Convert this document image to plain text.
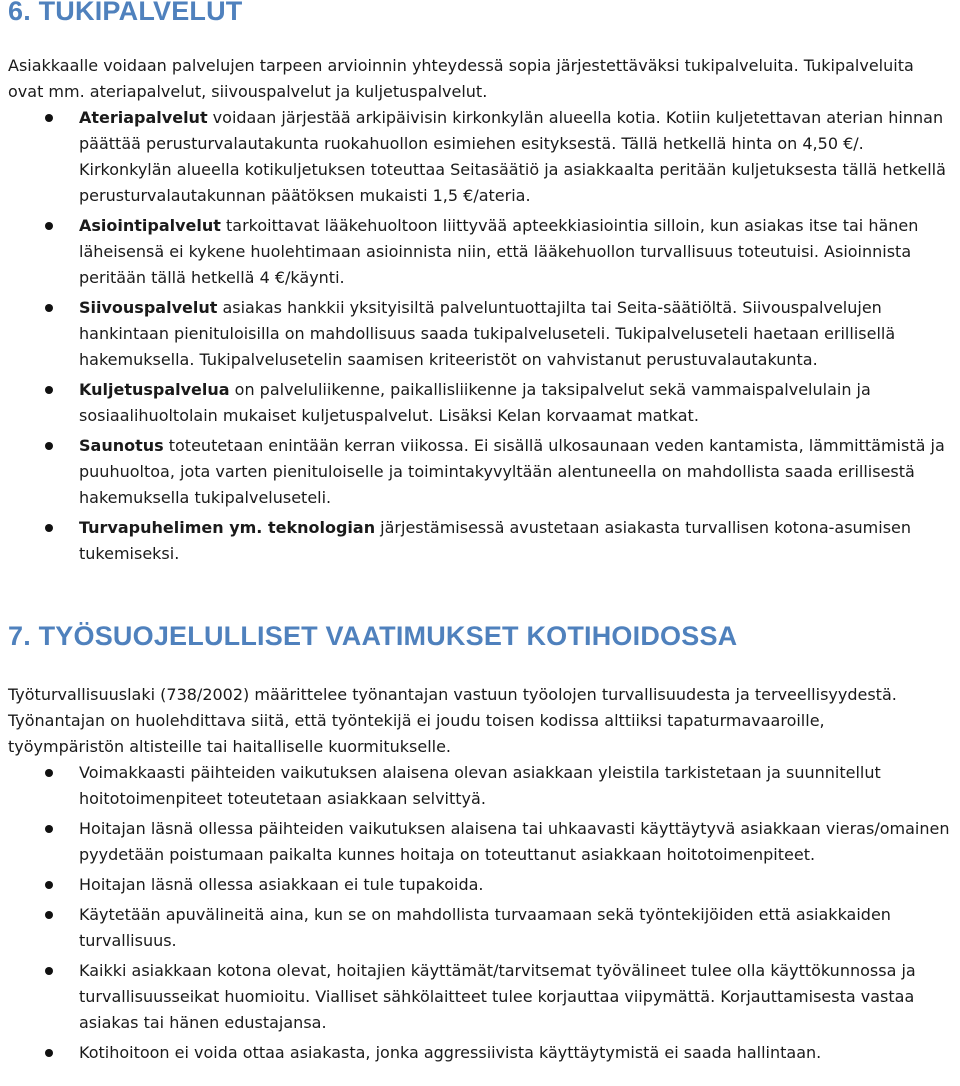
6. TUKIPALVELUT

Asiakkaalle voidaan palvelujen tarpeen arvioinnin yhteydessä sopia järjestettäväksi tukipalveluita. Tukipalveluita ovat mm. ateriapalvelut, siivouspalvelut ja kuljetuspalvelut.

Ateriapalvelut voidaan järjestää arkipäivisin kirkonkylän alueella kotia. Kotiin kuljetettavan aterian hinnan päättää perusturvalautakunta ruokahuollon esimiehen esityksestä. Tällä hetkellä hinta on 4,50 €/. Kirkonkylän alueella kotikuljetuksen toteuttaa Seitasäätiö ja asiakkaalta peritään kuljetuksesta tällä hetkellä perusturvalautakunnan päätöksen mukaisti 1,5 €/ateria.
Asiointipalvelut tarkoittavat lääkehuoltoon liittyvää apteekkiasiointia silloin, kun asiakas itse tai hänen läheisensä ei kykene huolehtimaan asioinnista niin, että lääkehuollon turvallisuus toteutuisi. Asioinnista peritään tällä hetkellä 4 €/käynti.
Siivouspalvelut asiakas hankkii yksityisiltä palveluntuottajilta tai Seita-säätiöltä. Siivouspalvelujen hankintaan pienituloisilla on mahdollisuus saada tukipalveluseteli. Tukipalveluseteli haetaan erillisellä hakemuksella. Tukipalvelusetelin saamisen kriteeristöt on vahvistanut perustuvalautakunta.
Kuljetuspalvelua on palveluliikenne, paikallisliikenne ja taksipalvelut sekä vammaispalvelulain ja sosiaalihuoltolain mukaiset kuljetuspalvelut. Lisäksi Kelan korvaamat matkat.
Saunotus toteutetaan enintään kerran viikossa. Ei sisällä ulkosaunaan veden kantamista, lämmittämistä ja puuhuoltoa, jota varten pienituloiselle ja toimintakyvyltään alentuneella on mahdollista saada erillisestä hakemuksella tukipalveluseteli.
Turvapuhelimen ym. teknologian järjestämisessä avustetaan asiakasta turvallisen kotona-asumisen tukemiseksi.
7. TYÖSUOJELULLISET VAATIMUKSET KOTIHOIDOSSA

Työturvallisuuslaki (738/2002) määrittelee työnantajan vastuun työolojen turvallisuudesta ja terveellisyydestä. Työnantajan on huolehdittava siitä, että työntekijä ei joudu toisen kodissa alttiiksi tapaturmavaaroille, työympäristön altisteille tai haitalliselle kuormitukselle.

Voimakkaasti päihteiden vaikutuksen alaisena olevan asiakkaan yleistila tarkistetaan ja suunnitellut hoitotoimenpiteet toteutetaan asiakkaan selvittyä.
Hoitajan läsnä ollessa päihteiden vaikutuksen alaisena tai uhkaavasti käyttäytyvä asiakkaan vieras/omainen pyydetään poistumaan paikalta kunnes hoitaja on toteuttanut asiakkaan hoitotoimenpiteet.
Hoitajan läsnä ollessa asiakkaan ei tule tupakoida.
Käytetään apuvälineitä aina, kun se on mahdollista turvaamaan sekä työntekijöiden että asiakkaiden turvallisuus.
Kaikki asiakkaan kotona olevat, hoitajien käyttämät/tarvitsemat työvälineet tulee olla käyttökunnossa ja turvallisuusseikat huomioitu. Vialliset sähkölaitteet tulee korjauttaa viipymättä. Korjauttamisesta vastaa asiakas tai hänen edustajansa.
Kotihoitoon ei voida ottaa asiakasta, jonka aggressiivista käyttäytymistä ei saada hallintaan.
